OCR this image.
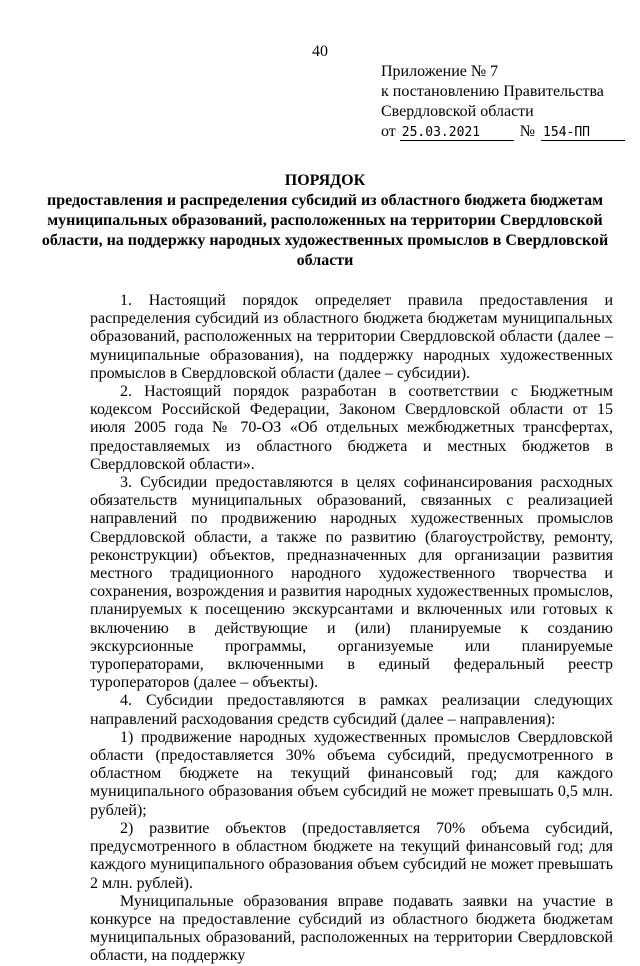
40
Приложение № 7
к постановлению Правительства
Свердловской области
от 25.03.2021	№ 154-ПП
ПОРЯДОК
предоставления и распределения субсидий из областного бюджета бюджетам муниципальных образований, расположенных на территории Свердловской области, на поддержку народных художественных промыслов в Свердловской области

1. Настоящий порядок определяет правила предоставления и распределения субсидий из областного бюджета бюджетам муниципальных образований, расположенных на территории Свердловской области (далее – муниципальные образования), на поддержку народных художественных промыслов в Свердловской области (далее – субсидии).

2. Настоящий порядок разработан в соответствии с Бюджетным кодексом Российской Федерации, Законом Свердловской области от 15 июля 2005 года № 70-ОЗ «Об отдельных межбюджетных трансфертах, предоставляемых из областного бюджета и местных бюджетов в Свердловской области».

3. Субсидии предоставляются в целях софинансирования расходных обязательств муниципальных образований, связанных с реализацией направлений по продвижению народных художественных промыслов Свердловской области, а также по развитию (благоустройству, ремонту, реконструкции) объектов, предназначенных для организации развития местного традиционного народного художественного творчества и сохранения, возрождения и развития народных художественных промыслов, планируемых к посещению экскурсантами и включенных или готовых к включению в действующие и (или) планируемые к созданию экскурсионные программы, организуемые или планируемые туроператорами, включенными в единый федеральный реестр туроператоров (далее – объекты).

4. Субсидии предоставляются в рамках реализации следующих направлений расходования средств субсидий (далее – направления):

1) продвижение народных художественных промыслов Свердловской области (предоставляется 30% объема субсидий, предусмотренного в областном бюджете на текущий финансовый год; для каждого муниципального образования объем субсидий не может превышать 0,5 млн. рублей);

2) развитие объектов (предоставляется 70% объема субсидий, предусмотренного в областном бюджете на текущий финансовый год; для каждого муниципального образования объем субсидий не может превышать 2 млн. рублей).

Муниципальные образования вправе подавать заявки на участие в конкурсе на предоставление субсидий из областного бюджета бюджетам муниципальных образований, расположенных на территории Свердловской области, на поддержку
